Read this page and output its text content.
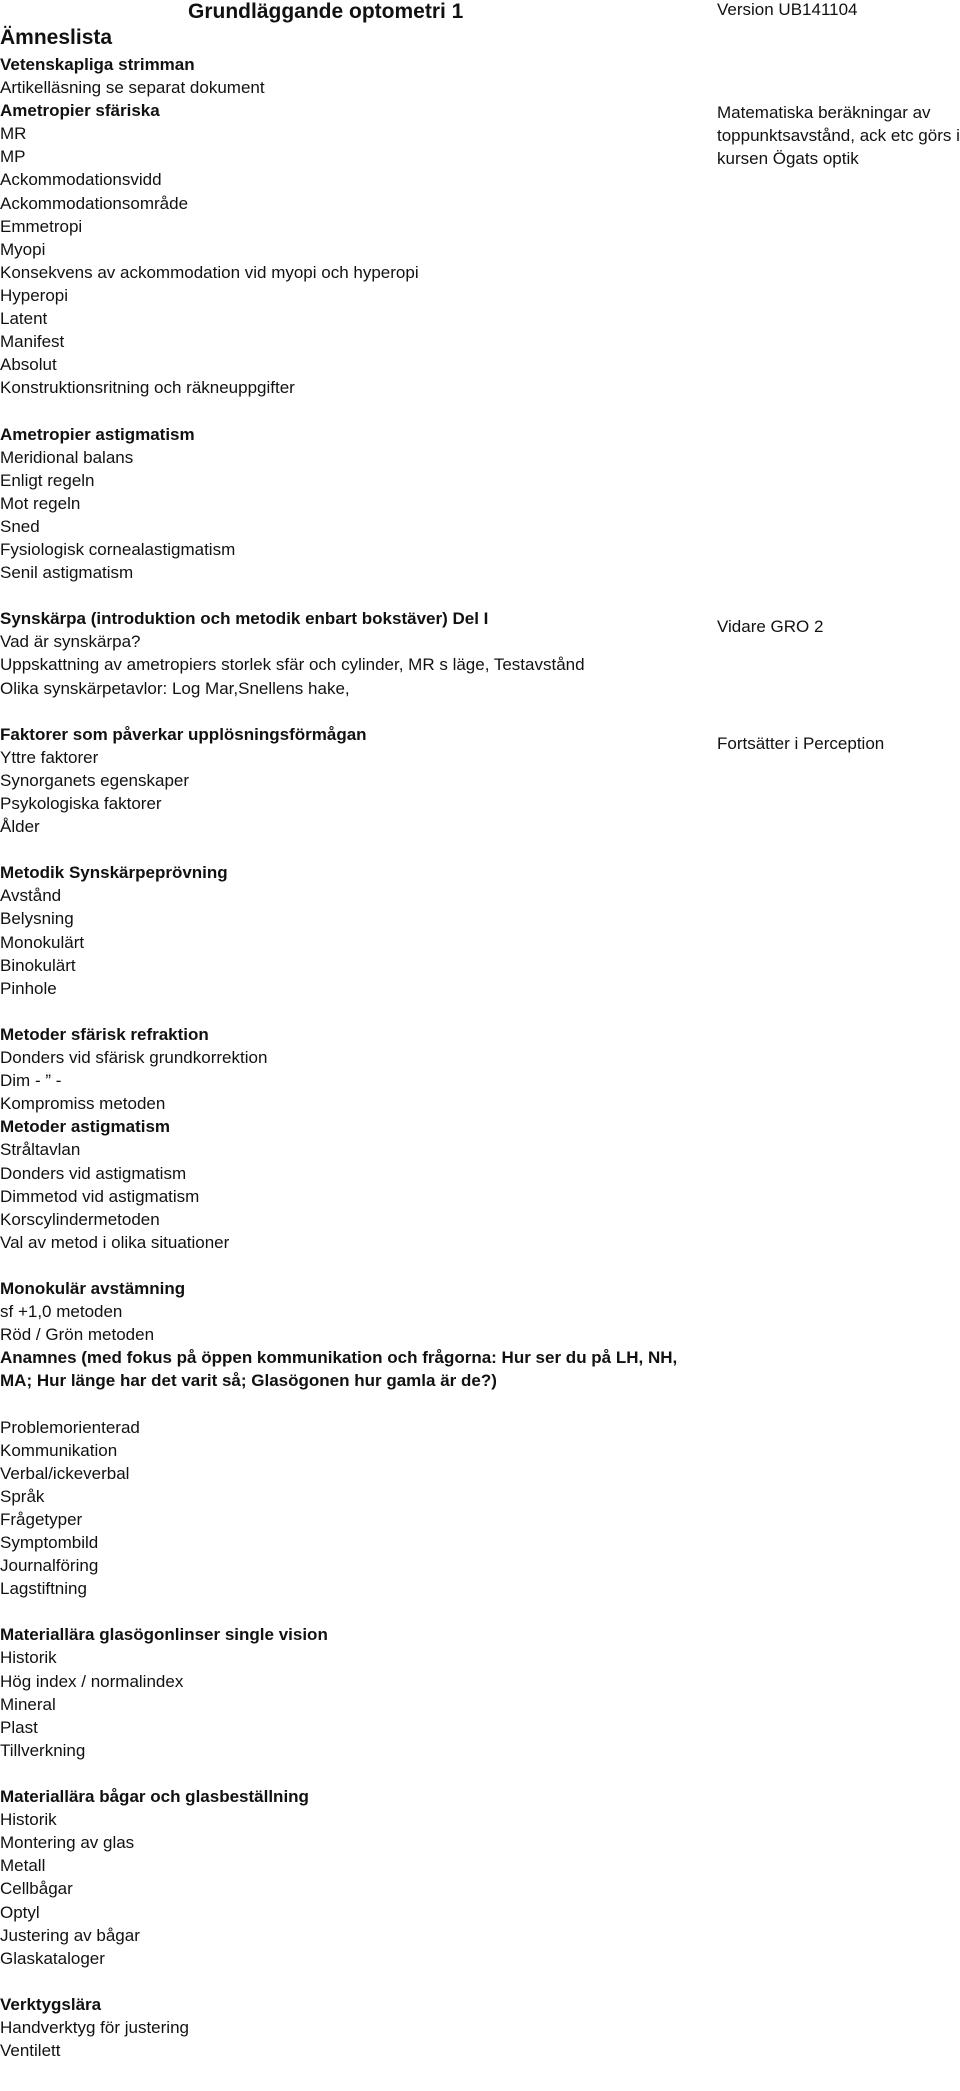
Grundläggande optometri 1	Version UB141104
Ämneslista
Matematiska beräkningar av toppunktsavstånd, ack etc görs i kursen Ögats optik
Vidare GRO 2
Fortsätter i Perception
Vetenskapliga strimman
Artikelläsning se separat dokument
Ametropier sfäriska
MR
MP
Ackommodationsvidd
Ackommodationsområde
Emmetropi
Myopi
Konsekvens av ackommodation vid myopi och hyperopi
Hyperopi
Latent
Manifest
Absolut
Konstruktionsritning och räkneuppgifter
Ametropier astigmatism
Meridional balans
Enligt regeln
Mot regeln
Sned
Fysiologisk cornealastigmatism
Senil astigmatism
Synskärpa (introduktion och metodik enbart bokstäver) Del I
Vad är synskärpa?
Uppskattning av ametropiers storlek sfär och cylinder, MR s läge, Testavstånd
Olika synskärpetavlor: Log Mar,Snellens hake,
Faktorer som påverkar upplösningsförmågan
Yttre faktorer
Synorganets egenskaper
Psykologiska faktorer
Ålder
Metodik Synskärpeprövning
Avstånd
Belysning
Monokulärt
Binokulärt
Pinhole
Metoder sfärisk refraktion
Donders vid sfärisk grundkorrektion
Dim - ” -
Kompromiss metoden
Metoder astigmatism
Stråltavlan
Donders vid astigmatism
Dimmetod vid astigmatism
Korscylindermetoden
Val av metod i olika situationer
Monokulär avstämning
sf +1,0 metoden
Röd / Grön metoden
Anamnes (med fokus på öppen kommunikation och frågorna: Hur ser du på LH, NH, MA; Hur länge har det varit så; Glasögonen hur gamla är de?)
Problemorienterad
Kommunikation
Verbal/ickeverbal
Språk
Frågetyper
Symptombild
Journalföring
Lagstiftning
Materiallära glasögonlinser single vision
Historik
Hög index / normalindex
Mineral
Plast
Tillverkning
Materiallära bågar och glasbeställning
Historik
Montering av glas
Metall
Cellbågar
Optyl
Justering av bågar
Glaskataloger
Verktygslära
Handverktyg för justering
Ventilett
